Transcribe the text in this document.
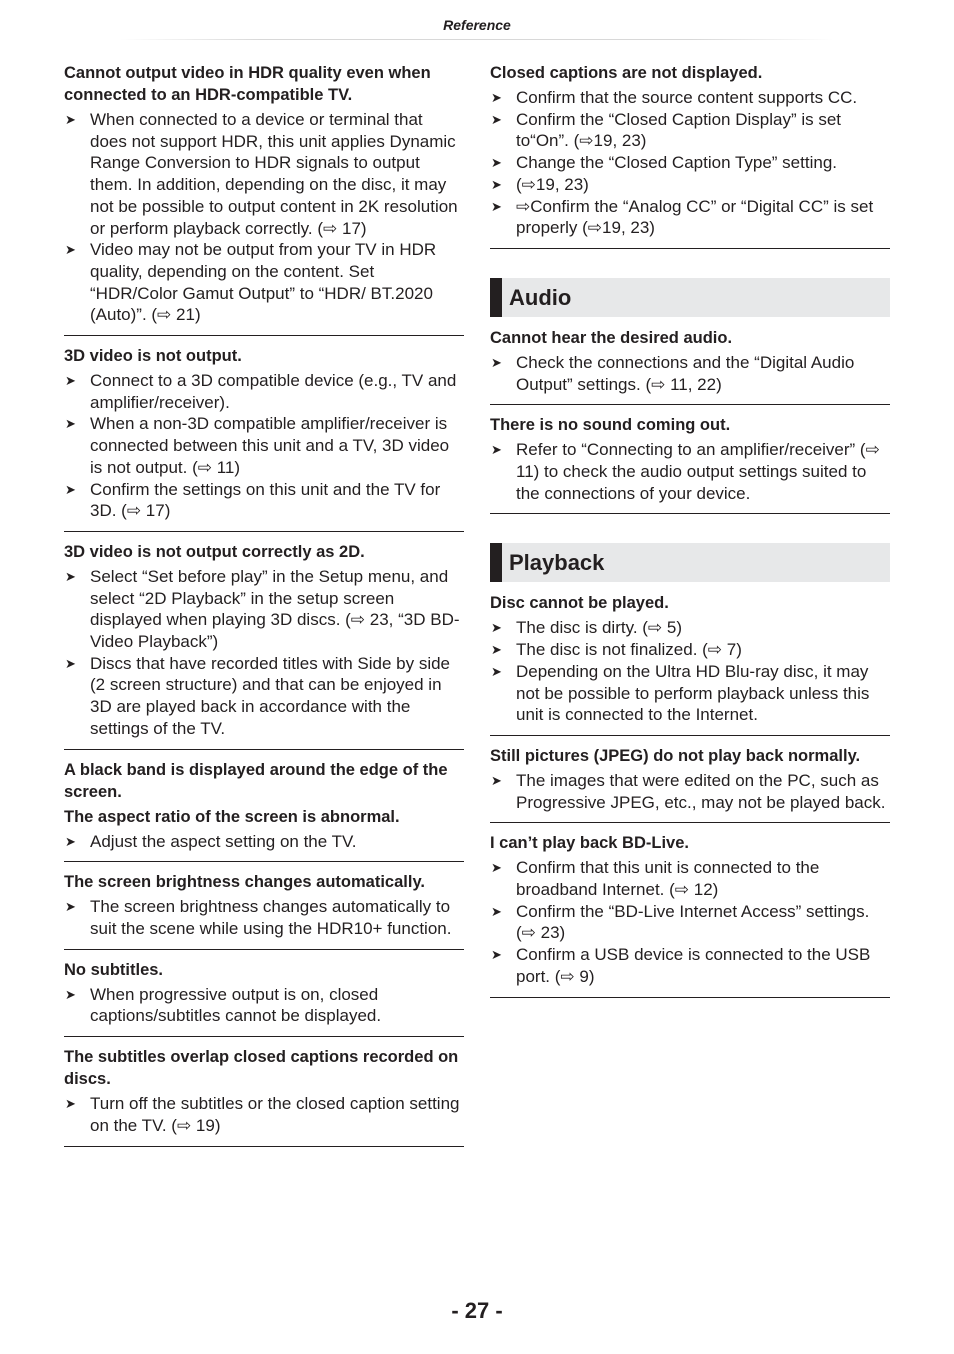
Reference
Cannot output video in HDR quality even when connected to an HDR-compatible TV.
➤ When connected to a device or terminal that does not support HDR, this unit applies Dynamic Range Conversion to HDR signals to output them. In addition, depending on the disc, it may not be possible to output content in 2K resolution or perform playback correctly. (⇨ 17)
➤ Video may not be output from your TV in HDR quality, depending on the content. Set “HDR/Color Gamut Output” to “HDR/ BT.2020 (Auto)”. (⇨ 21)
3D video is not output.
➤ Connect to a 3D compatible device (e.g., TV and amplifier/receiver).
➤ When a non-3D compatible amplifier/receiver is connected between this unit and a TV, 3D video is not output. (⇨ 11)
➤ Confirm the settings on this unit and the TV for 3D. (⇨ 17)
3D video is not output correctly as 2D.
➤ Select “Set before play” in the Setup menu, and select “2D Playback” in the setup screen displayed when playing 3D discs. (⇨ 23, “3D BD-Video Playback”)
➤ Discs that have recorded titles with Side by side (2 screen structure) and that can be enjoyed in 3D are played back in accordance with the settings of the TV.
A black band is displayed around the edge of the screen.
The aspect ratio of the screen is abnormal.
➤ Adjust the aspect setting on the TV.
The screen brightness changes automatically.
➤ The screen brightness changes automatically to suit the scene while using the HDR10+ function.
No subtitles.
➤ When progressive output is on, closed captions/subtitles cannot be displayed.
The subtitles overlap closed captions recorded on discs.
➤ Turn off the subtitles or the closed caption setting on the TV. (⇨ 19)
Closed captions are not displayed.
➤ Confirm that the source content supports CC.
➤ Confirm the “Closed Caption Display” is set to“On”. (⇨19, 23)
➤ Change the “Closed Caption Type” setting.
➤ (⇨19, 23)
➤ ⇨Confirm the “Analog CC” or “Digital CC” is set properly (⇨19, 23)
Audio
Cannot hear the desired audio.
➤ Check the connections and the “Digital Audio Output” settings. (⇨ 11, 22)
There is no sound coming out.
➤ Refer to “Connecting to an amplifier/receiver” (⇨ 11) to check the audio output settings suited to the connections of your device.
Playback
Disc cannot be played.
➤ The disc is dirty. (⇨ 5)
➤ The disc is not finalized. (⇨ 7)
➤ Depending on the Ultra HD Blu-ray disc, it may not be possible to perform playback unless this unit is connected to the Internet.
Still pictures (JPEG) do not play back normally.
➤ The images that were edited on the PC, such as Progressive JPEG, etc., may not be played back.
I can’t play back BD-Live.
➤ Confirm that this unit is connected to the broadband Internet. (⇨ 12)
➤ Confirm the “BD-Live Internet Access” settings. (⇨ 23)
➤ Confirm a USB device is connected to the USB port. (⇨ 9)
- 27 -
